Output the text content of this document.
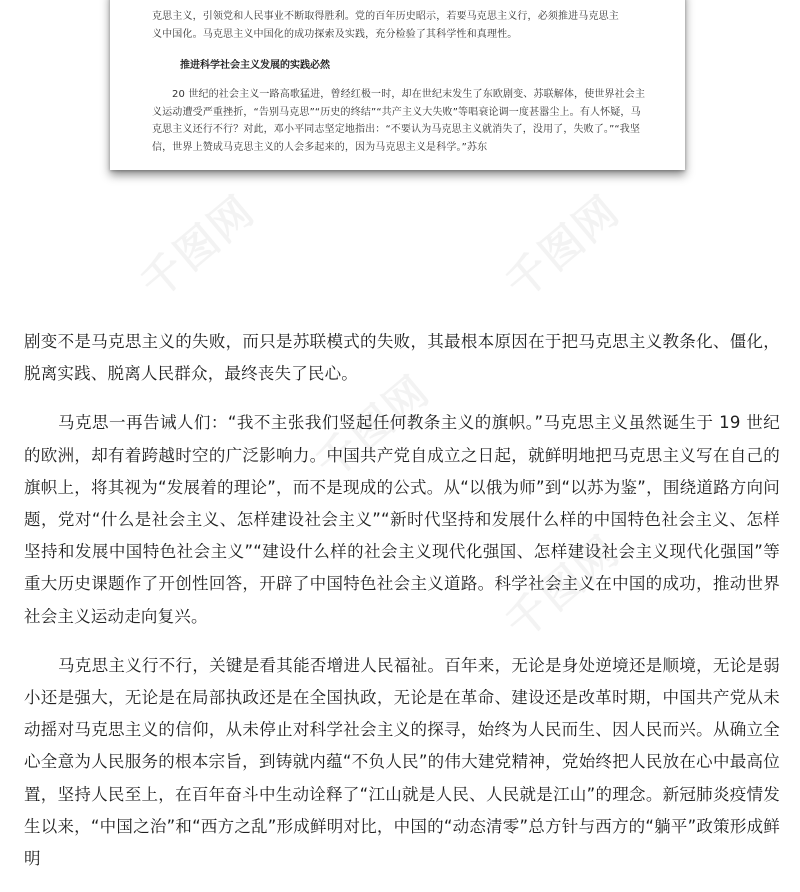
克思主义，引领党和人民事业不断取得胜利。党的百年历史昭示，若要马克思主义行，必须推进马克思主

义中国化。马克思主义中国化的成功探索及实践，充分检验了其科学性和真理性。

推进科学社会主义发展的实践必然

20 世纪的社会主义一路高歌猛进，曾经红极一时，却在世纪末发生了东欧剧变、苏联解体，使世界社会主义运动遭受严重挫折，“告别马克思”“历史的终结”“共产主义大失败”等唱衰论调一度甚嚣尘上。有人怀疑，马克思主义还行不行？对此，邓小平同志坚定地指出：“不要认为马克思主义就消失了，没用了，失败了。”“我坚信，世界上赞成马克思主义的人会多起来的，因为马克思主义是科学。”苏东

剧变不是马克思主义的失败，而只是苏联模式的失败，其最根本原因在于把马克思主义教条化、僵化，脱离实践、脱离人民群众，最终丧失了民心。

马克思一再告诫人们：“我不主张我们竖起任何教条主义的旗帜。”马克思主义虽然诞生于 19 世纪的欧洲，却有着跨越时空的广泛影响力。中国共产党自成立之日起，就鲜明地把马克思主义写在自己的旗帜上，将其视为“发展着的理论”，而不是现成的公式。从“以俄为师”到“以苏为鉴”，围绕道路方向问题，党对“什么是社会主义、怎样建设社会主义”“新时代坚持和发展什么样的中国特色社会主义、怎样坚持和发展中国特色社会主义”“建设什么样的社会主义现代化强国、怎样建设社会主义现代化强国”等重大历史课题作了开创性回答，开辟了中国特色社会主义道路。科学社会主义在中国的成功，推动世界社会主义运动走向复兴。

马克思主义行不行，关键是看其能否增进人民福祉。百年来，无论是身处逆境还是顺境，无论是弱小还是强大，无论是在局部执政还是在全国执政，无论是在革命、建设还是改革时期，中国共产党从未动摇对马克思主义的信仰，从未停止对科学社会主义的探寻，始终为人民而生、因人民而兴。从确立全心全意为人民服务的根本宗旨，到铸就内蕴“不负人民”的伟大建党精神，党始终把人民放在心中最高位置，坚持人民至上，在百年奋斗中生动诠释了“江山就是人民、人民就是江山”的理念。新冠肺炎疫情发生以来，“中国之治”和“西方之乱”形成鲜明对比，中国的“动态清零”总方针与西方的“躺平”政策形成鲜明
